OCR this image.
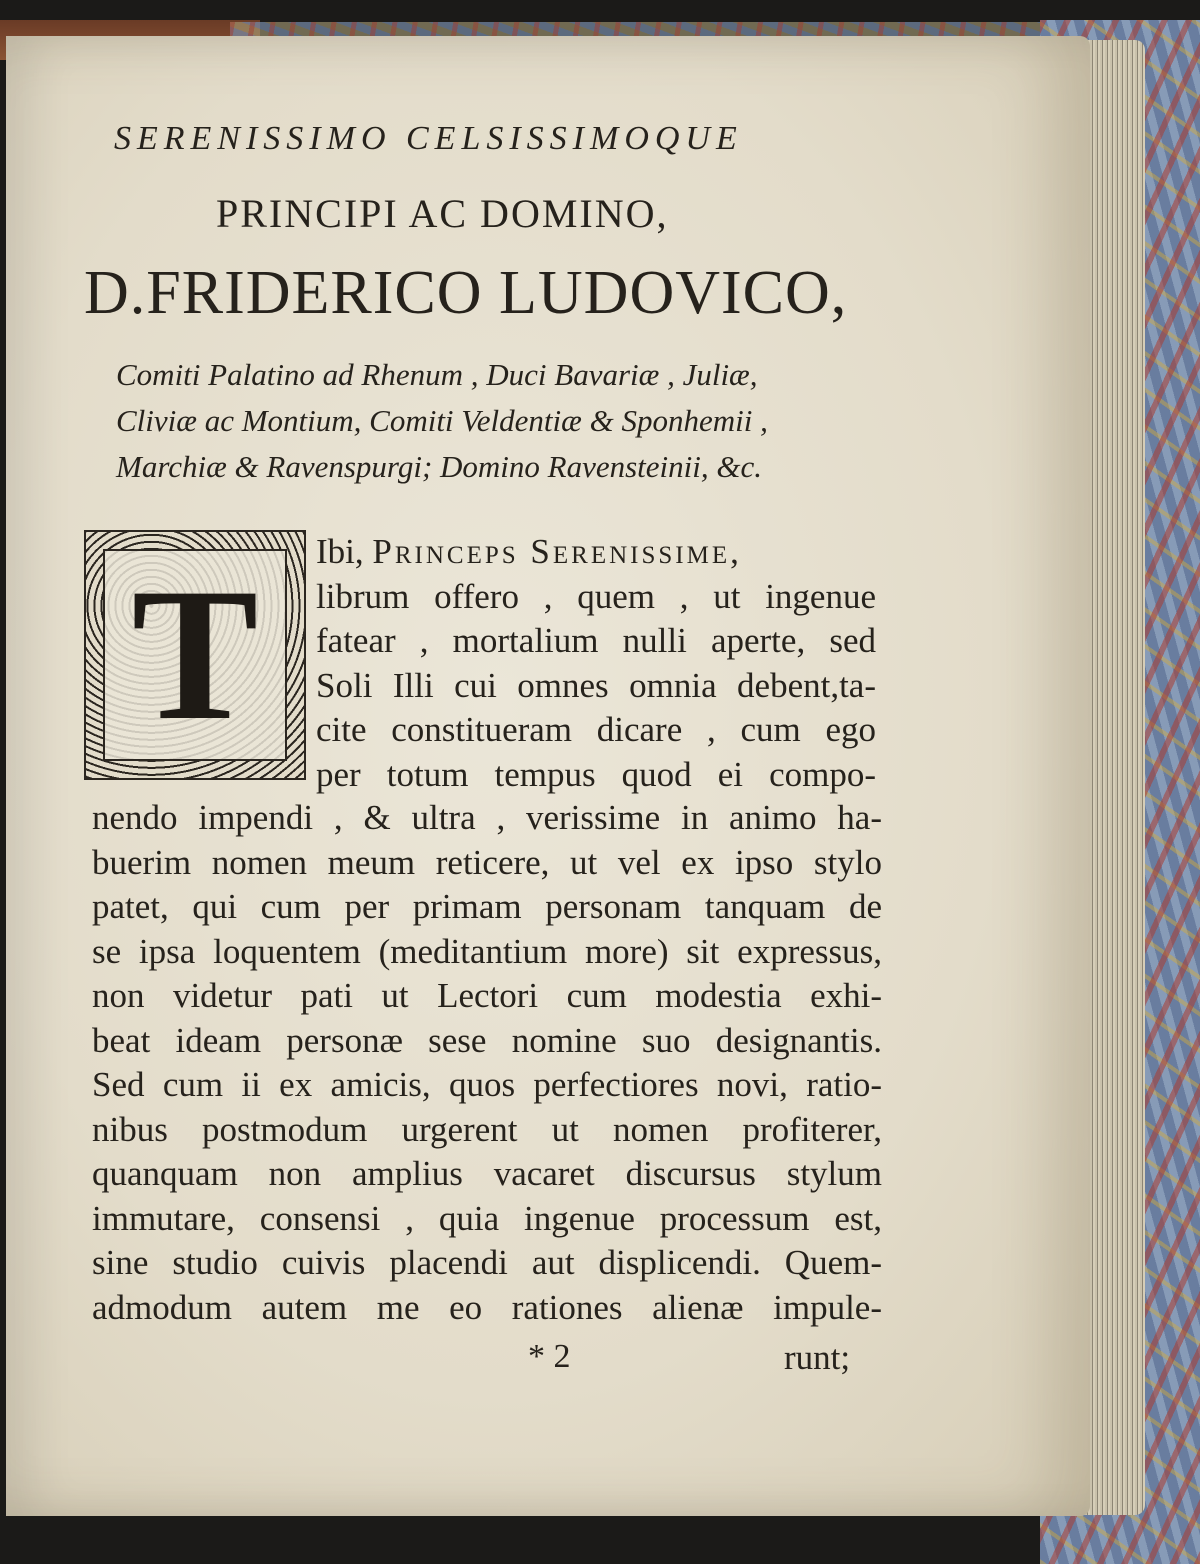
SERENISSIMO CELSISSIMOQUE
PRINCIPI AC DOMINO,
D.FRIDERICO LUDOVICO,
Comiti Palatino ad Rhenum , Duci Bavariæ , Juliæ,
Cliviæ ac Montium, Comiti Veldentiæ & Sponhemii ,
Marchiæ & Ravenspurgi; Domino Ravensteinii, &c.
T	Ibi, Princeps Serenissime,
librum offero , quem , ut ingenue
fatear , mortalium nulli aperte, sed
Soli Illi cui omnes omnia debent,ta-
cite constitueram dicare , cum ego
per totum tempus quod ei compo-
nendo impendi , & ultra , verissime in animo ha-
buerim nomen meum reticere, ut vel ex ipso stylo
patet, qui cum per primam personam tanquam de
se ipsa loquentem (meditantium more) sit expressus,
non videtur pati ut Lectori cum modestia exhi-
beat ideam personæ sese nomine suo designantis.
Sed cum ii ex amicis, quos perfectiores novi, ratio-
nibus postmodum urgerent ut nomen profiterer,
quanquam non amplius vacaret discursus stylum
immutare, consensi , quia ingenue processum est,
sine studio cuivis placendi aut displicendi. Quem-
admodum autem me eo rationes alienæ impule-
* 2	runt;
